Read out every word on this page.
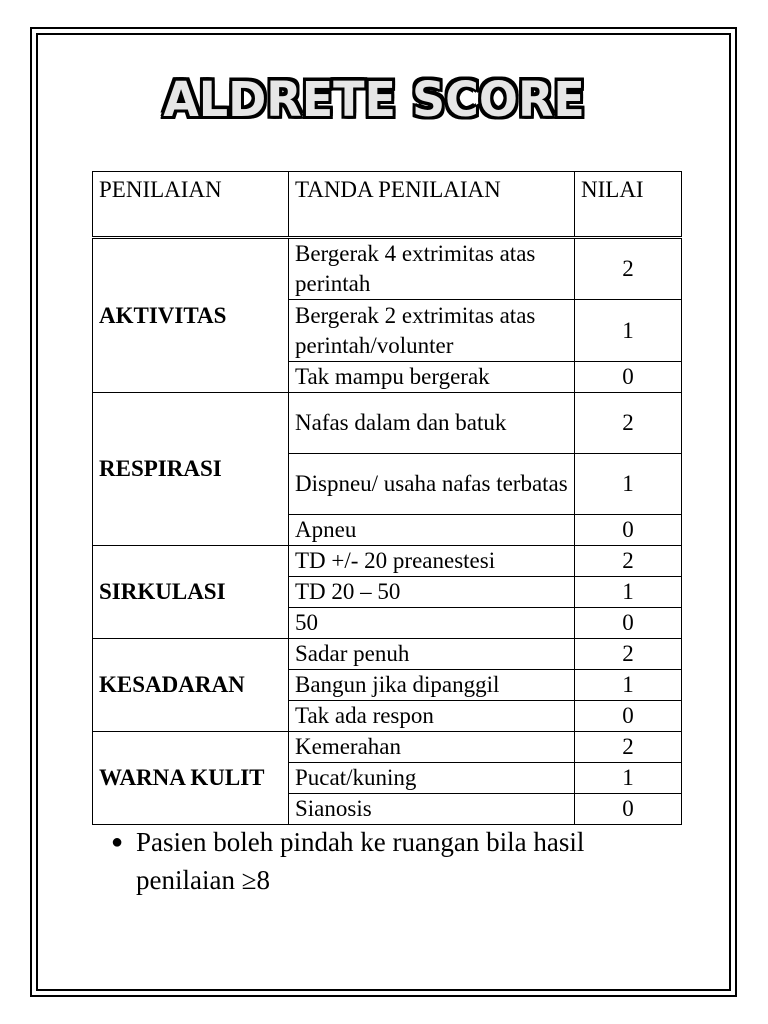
ALDRETE SCORE
PENILAIAN	TANDA PENILAIAN	NILAI
AKTIVITAS	Bergerak 4 extrimitas atas perintah	2
	Bergerak 2 extrimitas atas perintah/volunter	1
	Tak mampu bergerak	0
RESPIRASI	Nafas dalam dan batuk	2
	Dispneu/ usaha nafas terbatas	1
	Apneu	0
SIRKULASI	TD +/- 20 preanestesi	2
	TD 20 – 50	1
	50	0
KESADARAN	Sadar penuh	2
	Bangun jika dipanggil	1
	Tak ada respon	0
WARNA KULIT	Kemerahan	2
	Pucat/kuning	1
	Sianosis	0
● Pasien boleh pindah ke ruangan bila hasil penilaian ≥8
